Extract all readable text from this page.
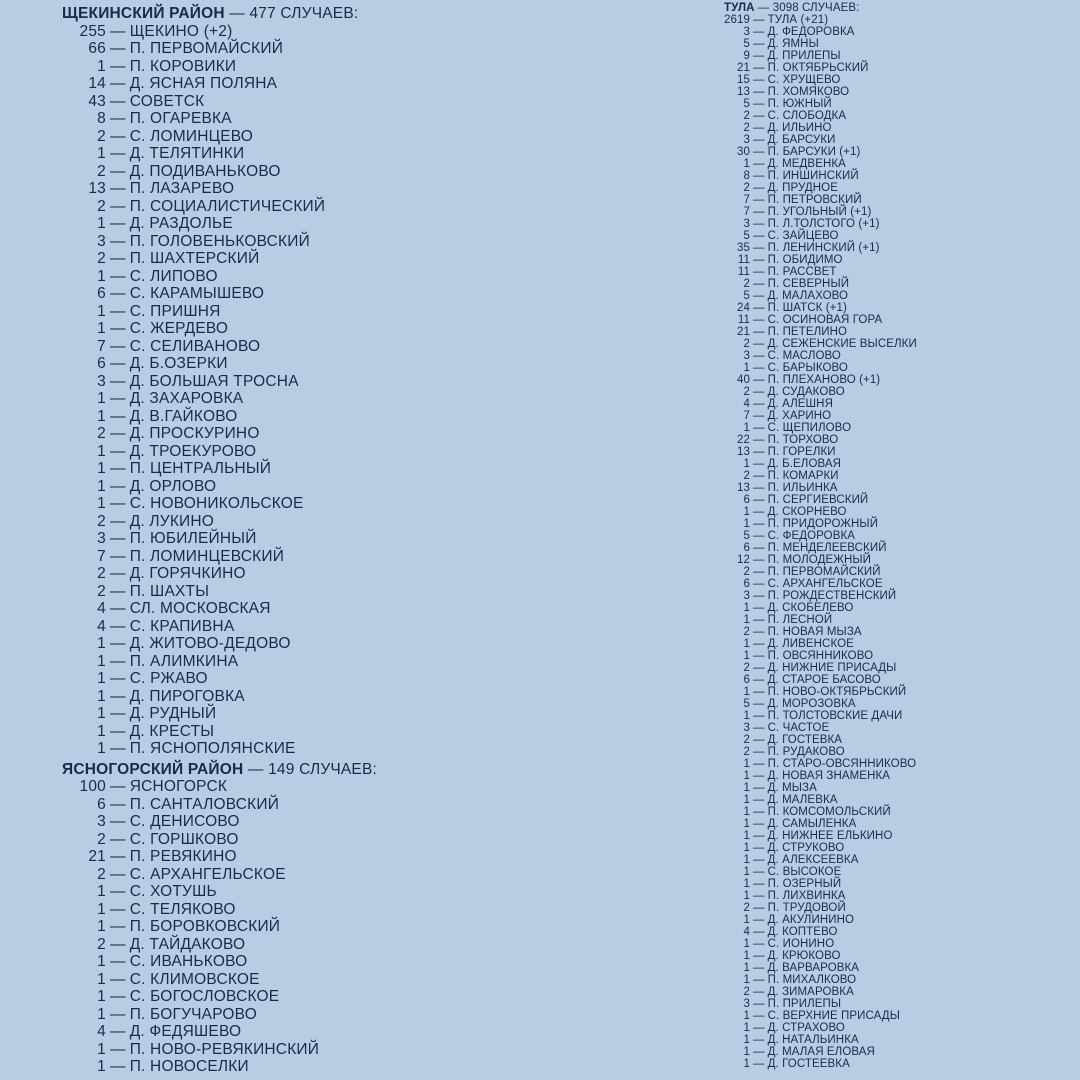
ЩЕКИНСКИЙ РАЙОН — 477 СЛУЧАЕВ:
255 — ЩЕКИНО (+2)
66 — П. ПЕРВОМАЙСКИЙ
1 — П. КОРОВИКИ
14 — Д. ЯСНАЯ ПОЛЯНА
43 — СОВЕТСК
8 — П. ОГАРЕВКА
2 — С. ЛОМИНЦЕВО
1 — Д. ТЕЛЯТИНКИ
2 — Д. ПОДИВАНЬКОВО
13 — П. ЛАЗАРЕВО
2 — П. СОЦИАЛИСТИЧЕСКИЙ
1 — Д. РАЗДОЛЬЕ
3 — П. ГОЛОВЕНЬКОВСКИЙ
2 — П. ШАХТЕРСКИЙ
1 — С. ЛИПОВО
6 — С. КАРАМЫШЕВО
1 — С. ПРИШНЯ
1 — С. ЖЕРДЕВО
7 — С. СЕЛИВАНОВО
6 — Д. Б.ОЗЕРКИ
3 — Д. БОЛЬШАЯ ТРОСНА
1 — Д. ЗАХАРОВКА
1 — Д. В.ГАЙКОВО
2 — Д. ПРОСКУРИНО
1 — Д. ТРОЕКУРОВО
1 — П. ЦЕНТРАЛЬНЫЙ
1 — Д. ОРЛОВО
1 — С. НОВОНИКОЛЬСКОЕ
2 — Д. ЛУКИНО
3 — П. ЮБИЛЕЙНЫЙ
7 — П. ЛОМИНЦЕВСКИЙ
2 — Д. ГОРЯЧКИНО
2 — П. ШАХТЫ
4 — СЛ. МОСКОВСКАЯ
4 — С. КРАПИВНА
1 — Д. ЖИТОВО-ДЕДОВО
1 — П. АЛИМКИНА
1 — С. РЖАВО
1 — Д. ПИРОГОВКА
1 — Д. РУДНЫЙ
1 — Д. КРЕСТЫ
1 — П. ЯСНОПОЛЯНСКИЕ
ЯСНОГОРСКИЙ РАЙОН — 149 СЛУЧАЕВ:
100 — ЯСНОГОРСК
6 — П. САНТАЛОВСКИЙ
3 — С. ДЕНИСОВО
2 — С. ГОРШКОВО
21 — П. РЕВЯКИНО
2 — С. АРХАНГЕЛЬСКОЕ
1 — С. ХОТУШЬ
1 — С. ТЕЛЯКОВО
1 — П. БОРОВКОВСКИЙ
2 — Д. ТАЙДАКОВО
1 — С. ИВАНЬКОВО
1 — С. КЛИМОВСКОЕ
1 — С. БОГОСЛОВСКОЕ
1 — П. БОГУЧАРОВО
4 — Д. ФЕДЯШЕВО
1 — П. НОВО-РЕВЯКИНСКИЙ
1 — П. НОВОСЕЛКИ
ТУЛА — 3098 СЛУЧАЕВ:
2619 — ТУЛА (+21)
3 — Д. ФЕДОРОВКА
5 — Д. ЯМНЫ
9 — Д. ПРИЛЕПЫ
21 — П. ОКТЯБРЬСКИЙ
15 — С. ХРУЩЕВО
13 — П. ХОМЯКОВО
5 — П. ЮЖНЫЙ
2 — С. СЛОБОДКА
2 — Д. ИЛЬИНО
3 — Д. БАРСУКИ
30 — П. БАРСУКИ (+1)
1 — Д. МЕДВЕНКА
8 — П. ИНШИНСКИЙ
2 — Д. ПРУДНОЕ
7 — П. ПЕТРОВСКИЙ
7 — П. УГОЛЬНЫЙ (+1)
3 — П. Л.ТОЛСТОГО (+1)
5 — С. ЗАЙЦЕВО
35 — П. ЛЕНИНСКИЙ (+1)
11 — П. ОБИДИМО
11 — П. РАССВЕТ
2 — П. СЕВЕРНЫЙ
5 — Д. МАЛАХОВО
24 — П. ШАТСК (+1)
11 — С. ОСИНОВАЯ ГОРА
21 — П. ПЕТЕЛИНО
2 — Д. СЕЖЕНСКИЕ ВЫСЕЛКИ
3 — С. МАСЛОВО
1 — С. БАРЫКОВО
40 — П. ПЛЕХАНОВО (+1)
2 — Д. СУДАКОВО
4 — Д. АЛЕШНЯ
7 — Д. ХАРИНО
1 — С. ЩЕПИЛОВО
22 — П. ТОРХОВО
13 — П. ГОРЕЛКИ
1 — Д. Б.ЕЛОВАЯ
2 — П. КОМАРКИ
13 — П. ИЛЬИНКА
6 — П. СЕРГИЕВСКИЙ
1 — Д. СКОРНЕВО
1 — П. ПРИДОРОЖНЫЙ
5 — С. ФЕДОРОВКА
6 — П. МЕНДЕЛЕЕВСКИЙ
12 — П. МОЛОДЕЖНЫЙ
2 — П. ПЕРВОМАЙСКИЙ
6 — С. АРХАНГЕЛЬСКОЕ
3 — П. РОЖДЕСТВЕНСКИЙ
1 — Д. СКОБЕЛЕВО
1 — П. ЛЕСНОЙ
2 — П. НОВАЯ МЫЗА
1 — Д. ЛИВЕНСКОЕ
1 — П. ОВСЯННИКОВО
2 — Д. НИЖНИЕ ПРИСАДЫ
6 — Д. СТАРОЕ БАСОВО
1 — П. НОВО-ОКТЯБРЬСКИЙ
5 — Д. МОРОЗОВКА
1 — П. ТОЛСТОВСКИЕ ДАЧИ
3 — С. ЧАСТОЕ
2 — Д. ГОСТЕВКА
2 — П. РУДАКОВО
1 — П. СТАРО-ОВСЯННИКОВО
1 — Д. НОВАЯ ЗНАМЕНКА
1 — Д. МЫЗА
1 — Д. МАЛЕВКА
1 — П. КОМСОМОЛЬСКИЙ
1 — Д. САМЫЛЕНКА
1 — Д. НИЖНЕЕ ЕЛЬКИНО
1 — Д. СТРУКОВО
1 — Д. АЛЕКСЕЕВКА
1 — С. ВЫСОКОЕ
1 — П. ОЗЕРНЫЙ
1 — П. ЛИХВИНКА
2 — П. ТРУДОВОЙ
1 — Д. АКУЛИНИНО
4 — Д. КОПТЕВО
1 — С. ИОНИНО
1 — Д. КРЮКОВО
1 — Д. ВАРВАРОВКА
1 — П. МИХАЛКОВО
2 — Д. ЗИМАРОВКА
3 — П. ПРИЛЕПЫ
1 — С. ВЕРХНИЕ ПРИСАДЫ
1 — Д. СТРАХОВО
1 — Д. НАТАЛЬИНКА
1 — Д. МАЛАЯ ЕЛОВАЯ
1 — Д. ГОСТЕЕВКА
